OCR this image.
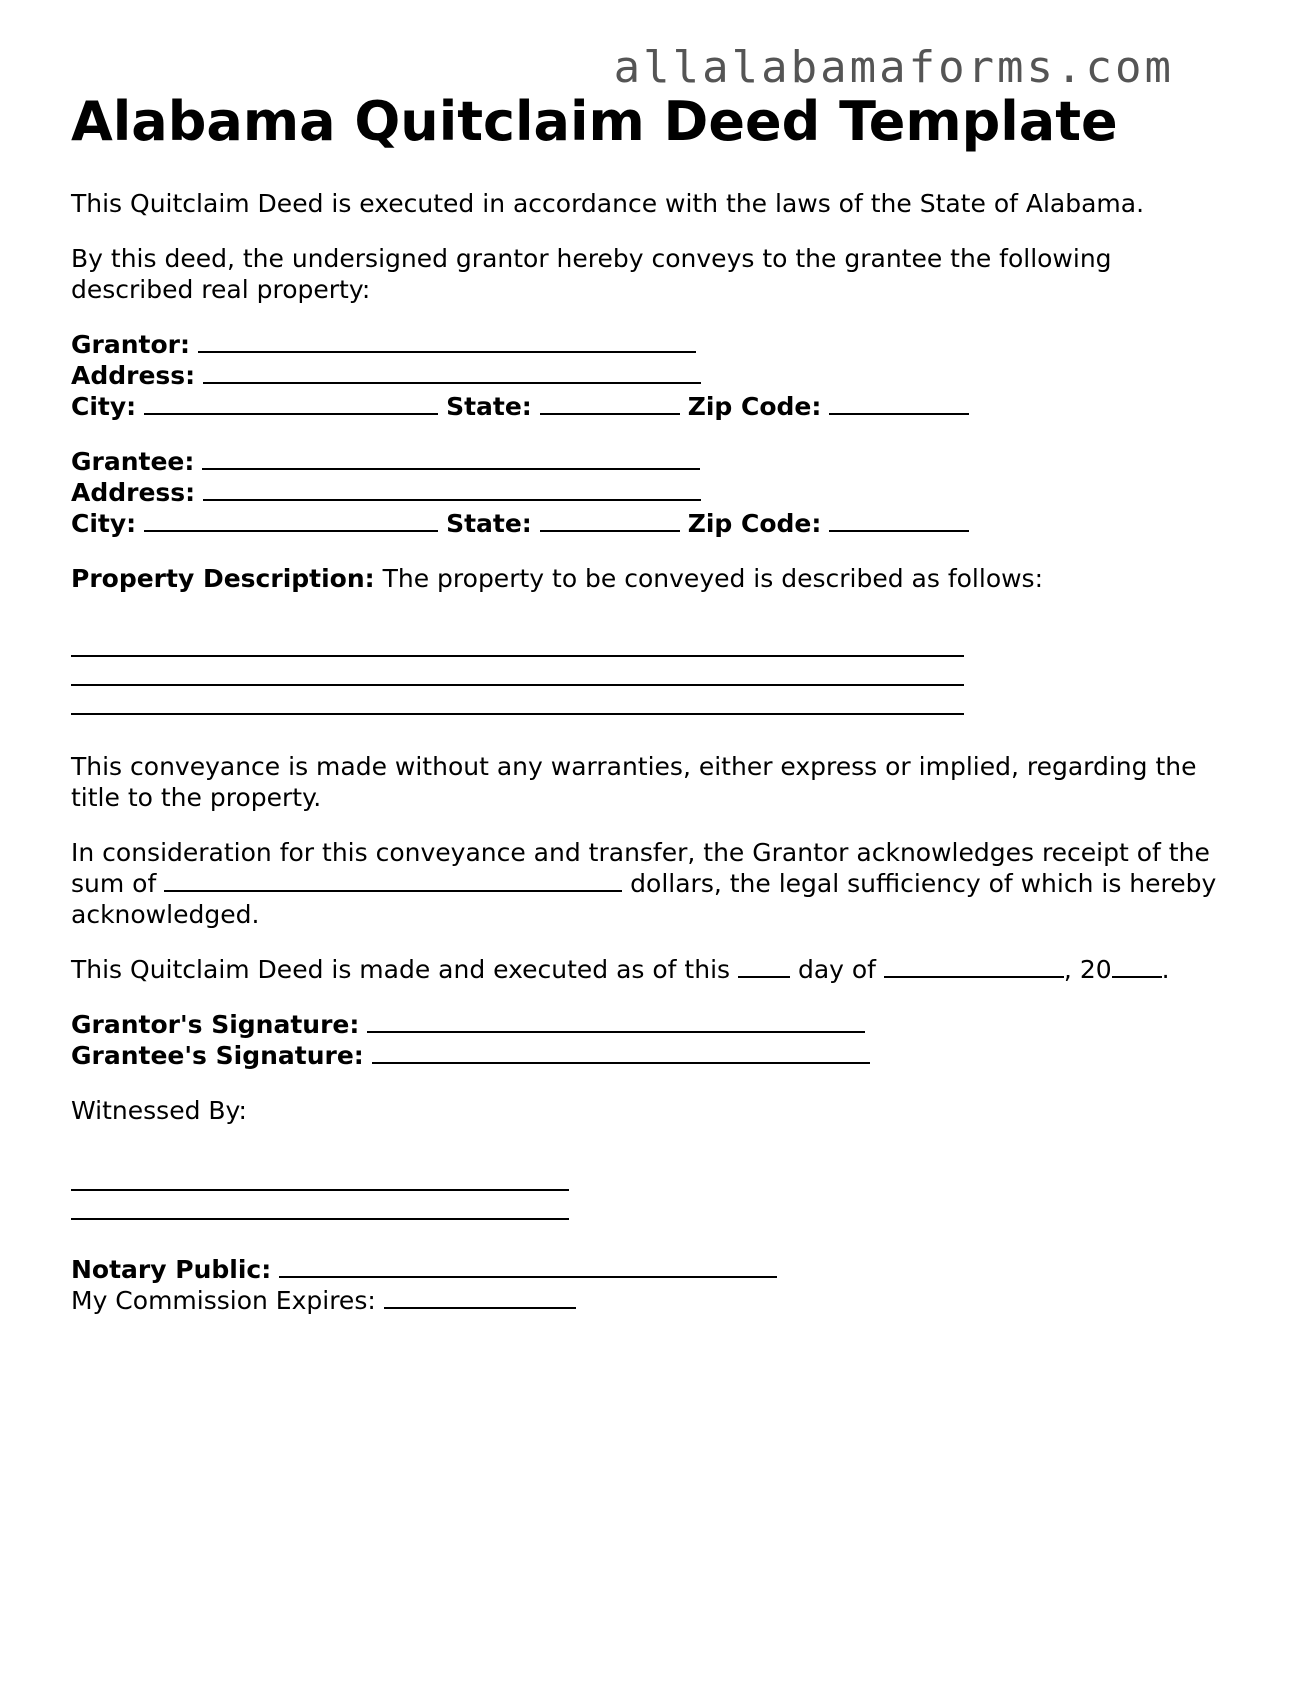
allalabamaforms.com
Alabama Quitclaim Deed Template

This Quitclaim Deed is executed in accordance with the laws of the State of Alabama.

By this deed, the undersigned grantor hereby conveys to the grantee the following described real property:

Grantor:
Address:
City:	State:	Zip Code:
Grantee:
Address:
City:	State:	Zip Code:
Property Description: The property to be conveyed is described as follows:

This conveyance is made without any warranties, either express or implied, regarding the title to the property.

In consideration for this conveyance and transfer, the Grantor acknowledges receipt of the sum of	dollars, the legal sufficiency of which is hereby acknowledged.

This Quitclaim Deed is made and executed as of this  day of	, 20 .

Grantor's Signature:
Grantee's Signature:
Witnessed By:
Notary Public:
My Commission Expires:
